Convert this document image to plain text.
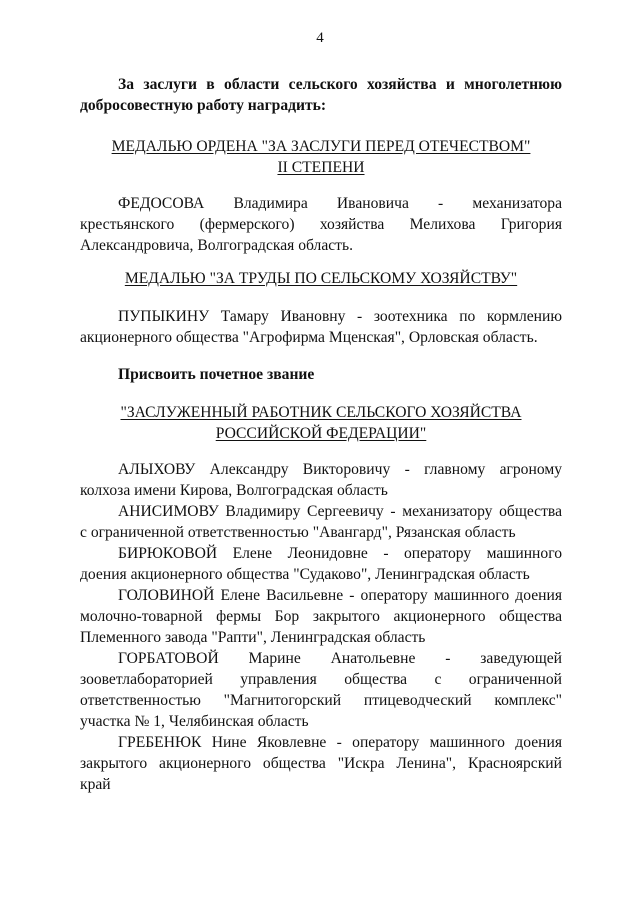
4

За заслуги в области сельского хозяйства и многолетнюю

добросовестную работу наградить:

МЕДАЛЬЮ ОРДЕНА "ЗА ЗАСЛУГИ ПЕРЕД ОТЕЧЕСТВОМ"
II СТЕПЕНИ
ФЕДОСОВА Владимира Ивановича - механизатора
крестьянского (фермерского) хозяйства Мелихова Григория
Александровича, Волгоградская область.
МЕДАЛЬЮ "ЗА ТРУДЫ ПО СЕЛЬСКОМУ ХОЗЯЙСТВУ"
ПУПЫКИНУ Тамару Ивановну - зоотехника по кормлению
акционерного общества "Агрофирма Мценская", Орловская область.
Присвоить почетное звание
"ЗАСЛУЖЕННЫЙ РАБОТНИК СЕЛЬСКОГО ХОЗЯЙСТВА
РОССИЙСКОЙ ФЕДЕРАЦИИ"
АЛЫХОВУ Александру Викторовичу - главному агроному
колхоза имени Кирова, Волгоградская область
АНИСИМОВУ Владимиру Сергеевичу - механизатору общества
с ограниченной ответственностью "Авангард", Рязанская область
БИРЮКОВОЙ Елене Леонидовне - оператору машинного
доения акционерного общества "Судаково", Ленинградская область
ГОЛОВИНОЙ Елене Васильевне - оператору машинного доения
молочно-товарной фермы Бор закрытого акционерного общества
Племенного завода "Рапти", Ленинградская область
ГОРБАТОВОЙ Марине Анатольевне - заведующей
зооветлабораторией управления общества с ограниченной
ответственностью "Магнитогорский птицеводческий комплекс"
участка № 1, Челябинская область
ГРЕБЕНЮК Нине Яковлевне - оператору машинного доения
закрытого акционерного общества "Искра Ленина", Красноярский
край
